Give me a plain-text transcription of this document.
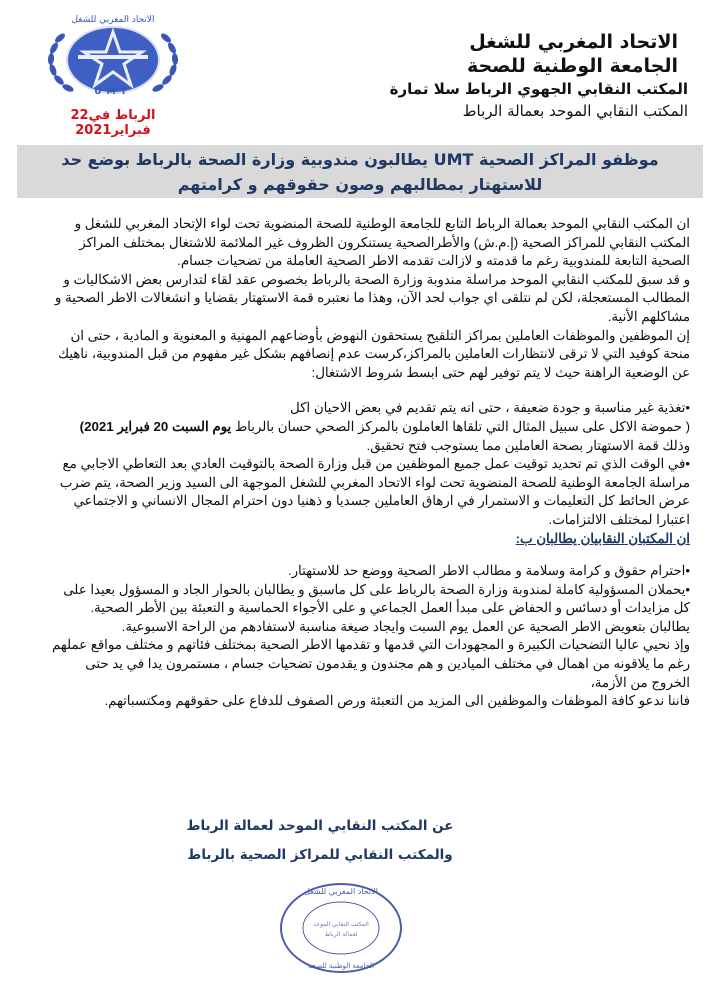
UMT
الاتحاد المغربي للشغل
الرباط في22 فبراير2021
الاتحاد المغربي للشغل
الجامعة الوطنية للصحة
المكتب النقابي الجهوي الرباط سلا تمارة
المكتب النقابي الموحد بعمالة الرباط
موظفو المراكز الصحية UMT يطالبون مندوبية وزارة الصحة بالرباط بوضع حد
للاستهتار بمطالبهم وصون حقوقهم و كرامتهم

ان المكتب النقابي الموحد بعمالة الرباط التابع للجامعة الوطنية للصحة المنضوية تحت لواء الإتحاد المغربي للشغل و المكتب النقابي للمراكز الصحية (إ.م.ش) والأطرالصحية يستنكرون الظروف غير الملائمة للاشتغال بمختلف المراكز الصحية التابعة للمندوبية رغم ما قدمته و لازالت تقدمه الاطر الصحية العاملة من تضحيات جسام.

و قد سبق للمكتب النقابي الموحد مراسلة مندوبة وزارة الصحة بالرباط بخصوص عقد لقاء لتدارس بعض الاشكاليات و المطالب المستعجلة، لكن لم نتلقى اي جواب لحد الآن، وهذا ما نعتبره قمة الاستهتار بقضايا و انشغالات الاطر الصحية و مشاكلهم الأنية.

إن الموظفين والموظفات العاملين بمراكز التلقيح يستحقون النهوض بأوضاعهم المهنية و المعنوية و المادية ، حتى ان منحة كوفيد التي لا ترقى لانتظارات العاملين بالمراكز،كرست عدم إنصافهم بشكل غير مفهوم من قبل المندوبية، ناهيك عن الوضعية الراهنة حيث لا يتم توفير لهم حتى ابسط شروط الاشتغال:

•تغذية غير مناسبة و جودة ضعيفة ، حتى انه يتم تقديم في بعض الاحيان اكل

( حموضة الاكل على سبيل المثال التي تلقاها العاملون بالمركز الصحي حسان بالرباط يوم السبت 20 فبراير 2021)

وذلك قمة الاستهتار بصحة العاملين مما يستوجب فتح تحقيق.

•في الوقت الذي تم تحديد توقيت عمل جميع الموظفين من قبل وزارة الصحة بالتوقيت العادي بعد التعاطي الاجابي مع مراسلة الجامعة الوطنية للصحة المنضوية تحت لواء الاتحاد المغربي للشغل الموجهة الى السيد وزير الصحة، يتم ضرب عرض الحائط كل التعليمات و الاستمرار في ارهاق العاملين جسديا و ذهنيا دون احترام المجال الانساني و الاجتماعي اعتبارا لمختلف الالتزامات.

ان المكتبان النقابيان يطالبان ب:

•احترام حقوق و كرامة وسلامة و مطالب الاطر الصحية ووضع حد للاستهتار.

•يحملان المسؤولية كاملة لمندوبة وزارة الصحة بالرباط على كل ماسبق و يطالبان بالحوار الجاد و المسؤول بعيدا على كل مزايدات أو دسائس و الحفاض على مبدأ العمل الجماعي و على الأجواء الحماسية و التعبئة بين الأطر الصحية.

يطالبان بتعويض الاطر الصحية عن العمل يوم السبت وايجاد صيغة مناسبة لاستفادهم من الراحة الاسبوعية.

وإذ نحيي عاليا التضحيات الكبيرة و المجهودات التي قدمها و تقدمها الاطر الصحية بمختلف فئاتهم و مختلف مواقع عملهم رغم ما يلاقونه من اهمال في مختلف الميادين و هم مجندون و يقدمون تضحيات جسام ، مستمرون يدا في يد حتى الخروج من الأزمة،

فاننا ندعو كافة الموظفات والموظفين الى المزيد من التعبئة ورص الصفوف للدفاع على حقوقهم ومكتسباتهم.

عن المكتب النقابي الموحد لعمالة الرباط
والمكتب النقابي للمراكز الصحية بالرباط
الاتحاد المغربي للشغل
الجامعة الوطنية للصحة
المكتب النقابي الموحد
لعمالة الرباط
